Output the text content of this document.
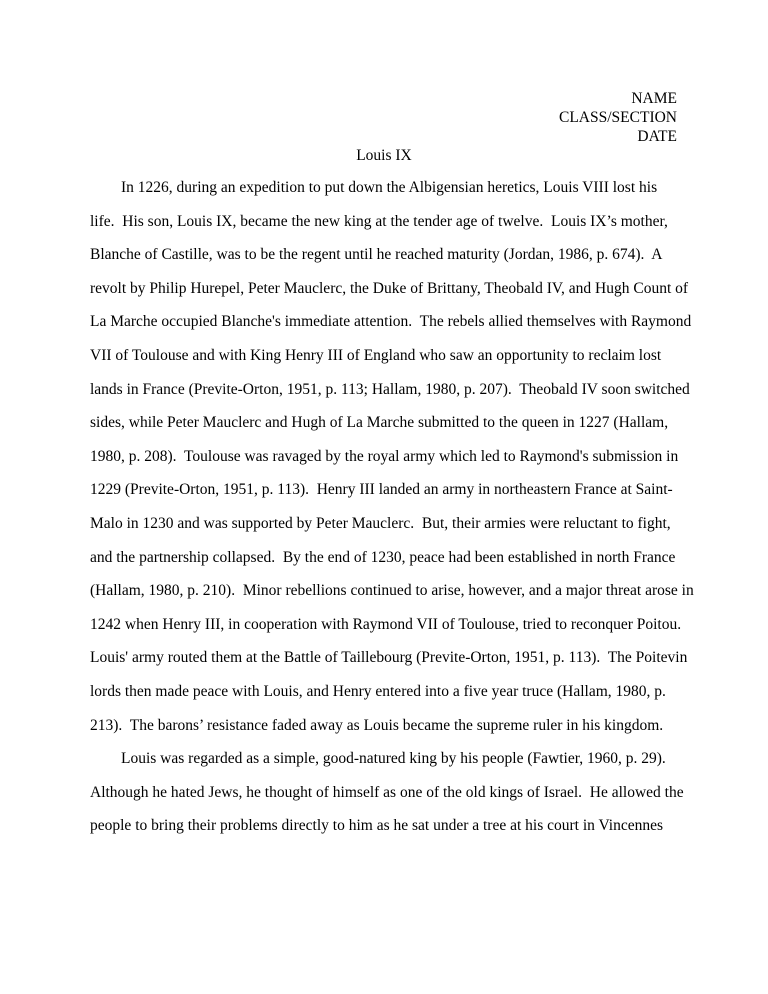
NAME
CLASS/SECTION
DATE
Louis IX
In 1226, during an expedition to put down the Albigensian heretics, Louis VIII lost his
life.  His son, Louis IX, became the new king at the tender age of twelve.  Louis IX’s mother,
Blanche of Castille, was to be the regent until he reached maturity (Jordan, 1986, p. 674).  A
revolt by Philip Hurepel, Peter Mauclerc, the Duke of Brittany, Theobald IV, and Hugh Count of
La Marche occupied Blanche's immediate attention.  The rebels allied themselves with Raymond
VII of Toulouse and with King Henry III of England who saw an opportunity to reclaim lost
lands in France (Previte-Orton, 1951, p. 113; Hallam, 1980, p. 207).  Theobald IV soon switched
sides, while Peter Mauclerc and Hugh of La Marche submitted to the queen in 1227 (Hallam,
1980, p. 208).  Toulouse was ravaged by the royal army which led to Raymond's submission in
1229 (Previte-Orton, 1951, p. 113).  Henry III landed an army in northeastern France at Saint-
Malo in 1230 and was supported by Peter Mauclerc.  But, their armies were reluctant to fight,
and the partnership collapsed.  By the end of 1230, peace had been established in north France
(Hallam, 1980, p. 210).  Minor rebellions continued to arise, however, and a major threat arose in
1242 when Henry III, in cooperation with Raymond VII of Toulouse, tried to reconquer Poitou.
Louis' army routed them at the Battle of Taillebourg (Previte-Orton, 1951, p. 113).  The Poitevin
lords then made peace with Louis, and Henry entered into a five year truce (Hallam, 1980, p.
213).  The barons’ resistance faded away as Louis became the supreme ruler in his kingdom.
Louis was regarded as a simple, good-natured king by his people (Fawtier, 1960, p. 29).
Although he hated Jews, he thought of himself as one of the old kings of Israel.  He allowed the
people to bring their problems directly to him as he sat under a tree at his court in Vincennes
